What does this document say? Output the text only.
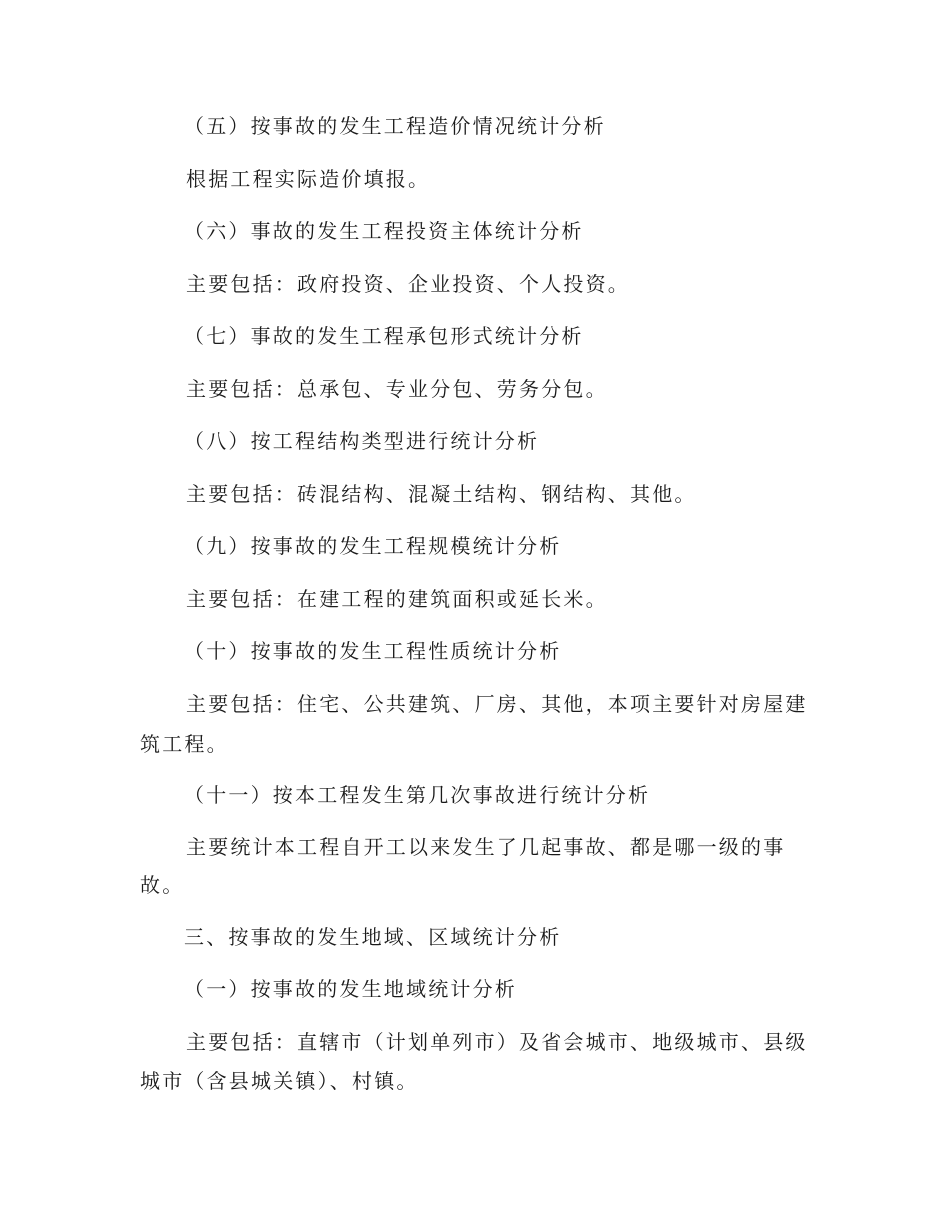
（五）按事故的发生工程造价情况统计分析

根据工程实际造价填报。

（六）事故的发生工程投资主体统计分析

主要包括：政府投资、企业投资、个人投资。

（七）事故的发生工程承包形式统计分析

主要包括：总承包、专业分包、劳务分包。

（八）按工程结构类型进行统计分析

主要包括：砖混结构、混凝土结构、钢结构、其他。

（九）按事故的发生工程规模统计分析

主要包括：在建工程的建筑面积或延长米。

（十）按事故的发生工程性质统计分析

主要包括：住宅、公共建筑、厂房、其他，本项主要针对房屋建

筑工程。

（十一）按本工程发生第几次事故进行统计分析

主要统计本工程自开工以来发生了几起事故、都是哪一级的事

故。

三、按事故的发生地域、区域统计分析

（一）按事故的发生地域统计分析

主要包括：直辖市（计划单列市）及省会城市、地级城市、县级

城市（含县城关镇）、村镇。
